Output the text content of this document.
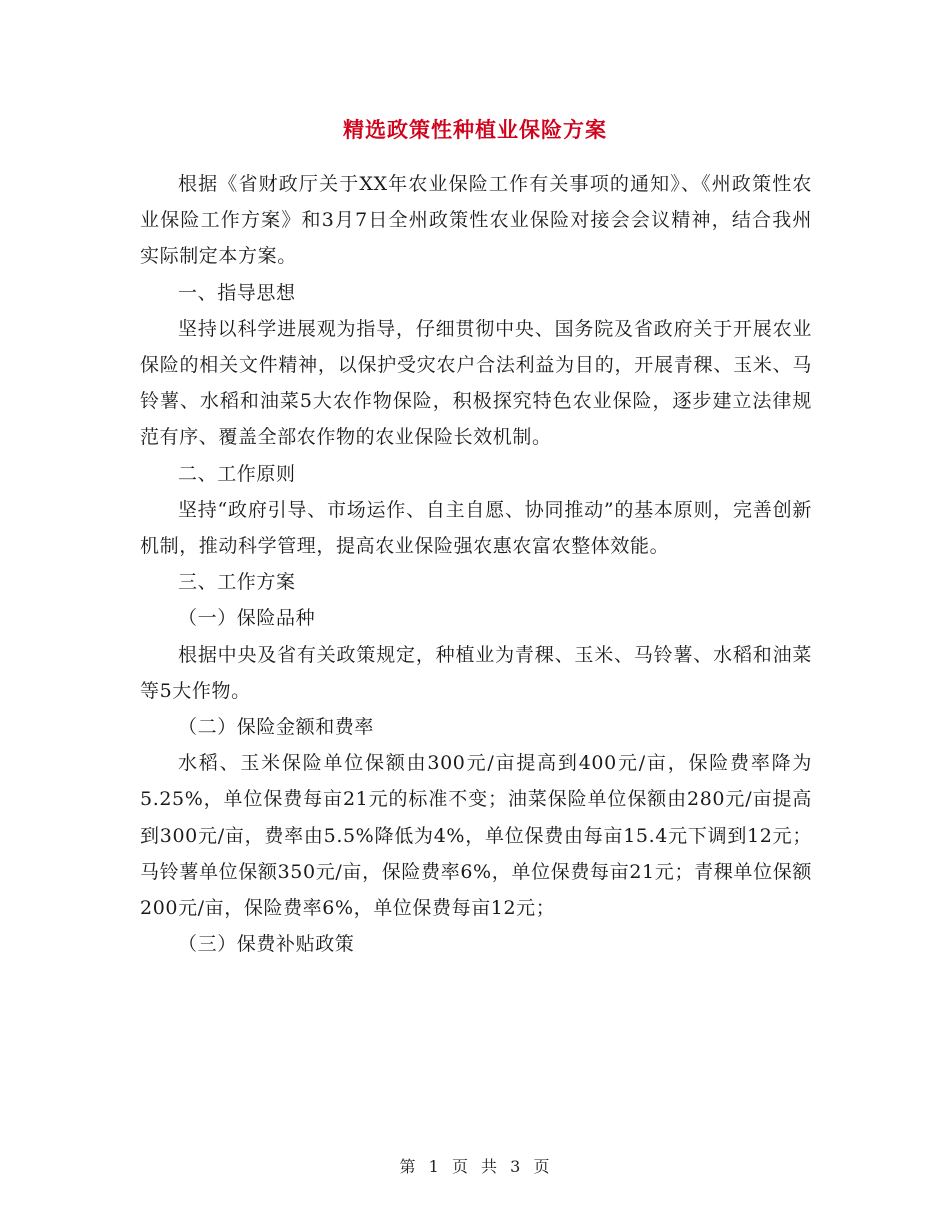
精选政策性种植业保险方案

根据《省财政厅关于XX年农业保险工作有关事项的通知》、《州政策性农业保险工作方案》和3月7日全州政策性农业保险对接会会议精神，结合我州实际制定本方案。

一、指导思想

坚持以科学进展观为指导，仔细贯彻中央、国务院及省政府关于开展农业保险的相关文件精神，以保护受灾农户合法利益为目的，开展青稞、玉米、马铃薯、水稻和油菜5大农作物保险，积极探究特色农业保险，逐步建立法律规范有序、覆盖全部农作物的农业保险长效机制。

二、工作原则

坚持“政府引导、市场运作、自主自愿、协同推动”的基本原则，完善创新机制，推动科学管理，提高农业保险强农惠农富农整体效能。

三、工作方案

（一）保险品种

根据中央及省有关政策规定，种植业为青稞、玉米、马铃薯、水稻和油菜等5大作物。

（二）保险金额和费率

水稻、玉米保险单位保额由300元/亩提高到400元/亩，保险费率降为5.25%，单位保费每亩21元的标准不变；油菜保险单位保额由280元/亩提高到300元/亩，费率由5.5%降低为4%，单位保费由每亩15.4元下调到12元；马铃薯单位保额350元/亩，保险费率6%，单位保费每亩21元；青稞单位保额200元/亩，保险费率6%，单位保费每亩12元；

（三）保费补贴政策

第 1 页 共 3 页
